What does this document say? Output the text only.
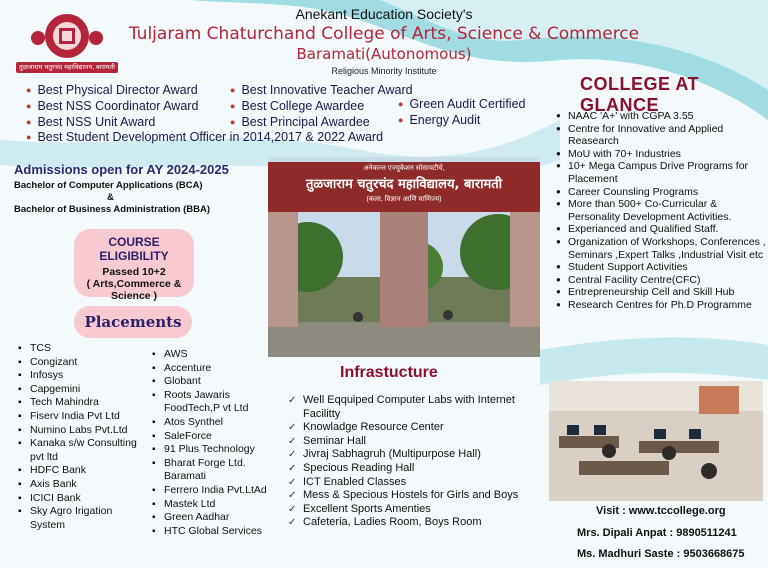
तुळजाराम चतुरचंद महाविद्यालय, बारामती
Anekant Education Society's
Tuljaram Chaturchand College of Arts, Science & Commerce
Baramati(Autonomous)
Religious Minority Institute
● Best Physical Director Award
● Best NSS Coordinator Award
● Best NSS Unit Award
● Best Student Development Officer in 2014,2017 & 2022 Award
● Best Innovative Teacher Award
● Best College Awardee
● Best Principal Awardee
● Green Audit Certified
● Energy Audit
Admissions open for AY 2024-2025
Bachelor of Computer Applications (BCA)
&
Bachelor of Business Administration (BBA)
COURSE ELIGIBILITY
Passed 10+2
( Arts,Commerce &
Science )
Placements
▪ TCS
▪ Congizant
▪ Infosys
▪ Capgemini
▪ Tech Mahindra
▪ Fiserv India Pvt Ltd
▪ Numino Labs Pvt.Ltd
▪ Kanaka s/w Consulting pvt ltd
▪ HDFC Bank
▪ Axis Bank
▪ ICICI Bank
▪ Sky Agro Irigation System
▪ AWS
▪ Accenture
▪ Globant
▪ Roots Jawaris FoodTech,P vt Ltd
▪ Atos Synthel
▪ SaleForce
▪ 91 Plus Technology
▪ Bharat Forge Ltd. Baramati
▪ Ferrero India Pvt.LtAd
▪ Mastek Ltd
▪ Green Aadhar
▪ HTC Global Services
अनेकान्त एज्युकेशन सोसायटीचे,
तुळजाराम चतुरचंद महाविद्यालय, बारामती
(कला, विज्ञान आणि वाणिज्य)
COLLEGE AT GLANCE
● NAAC 'A+' with CGPA 3.55
● Centre for Innovative and Applied Reasearch
● MoU with 70+ Industries
● 10+ Mega Campus Drive Programs for Placement
● Career Counsling Programs
● More than 500+ Co-Curricular & Personality Development Activities.
● Experianced and Qualified Staff.
● Organization of Workshops, Conferences , Seminars ,Expert Talks ,Industrial Visit etc
● Student Support Activities
● Central Facility Centre(CFC)
● Entrepreneurship Cell and Skill Hub
● Research Centres for Ph.D Programme
Infrastucture
✓ Well Eqquiped Computer Labs with Internet Facilitty
✓ Knowladge Resource Center
✓ Seminar Hall
✓ Jivraj Sabhagruh (Multipurpose Hall)
✓ Specious Reading Hall
✓ ICT Enabled Classes
✓ Mess & Specious Hostels for Girls and Boys
✓ Excellent Sports Amenties
✓ Cafeteria, Ladies Room, Boys Room
Visit : www.tccollege.org
Mrs. Dipali Anpat : 9890511241
Ms. Madhuri Saste : 9503668675
